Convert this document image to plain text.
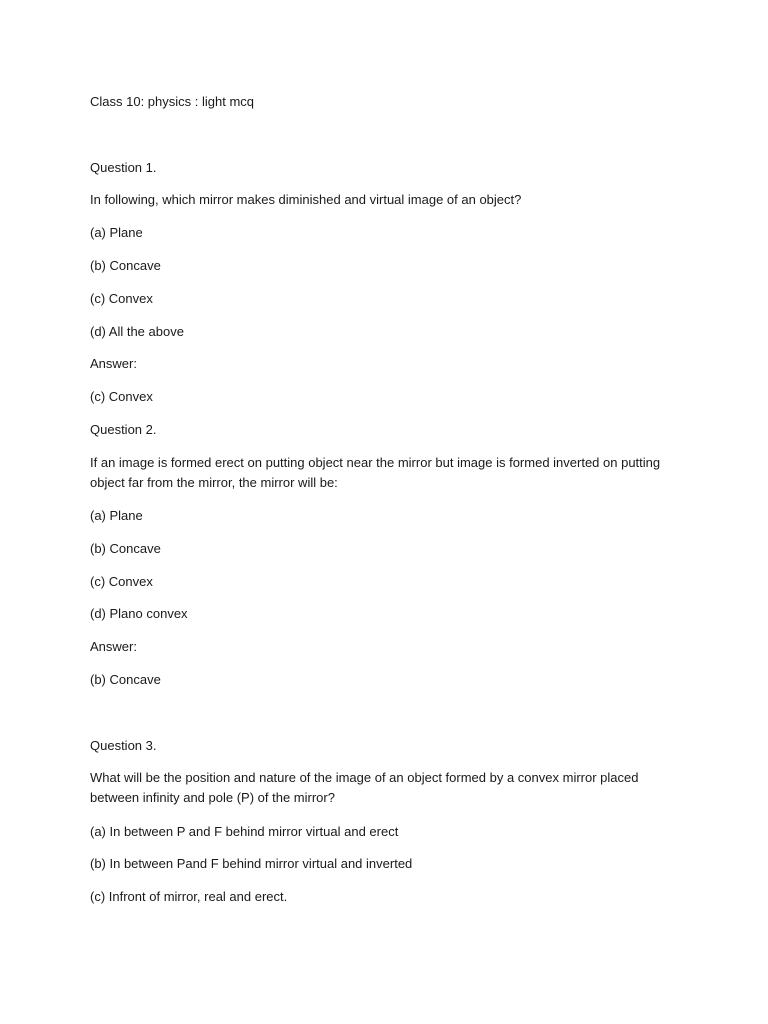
Class 10: physics : light mcq
Question 1.
In following, which mirror makes diminished and virtual image of an object?
(a) Plane
(b) Concave
(c) Convex
(d) All the above
Answer:
(c) Convex
Question 2.
If an image is formed erect on putting object near the mirror but image is formed inverted on putting object far from the mirror, the mirror will be:
(a) Plane
(b) Concave
(c) Convex
(d) Plano convex
Answer:
(b) Concave
Question 3.
What will be the position and nature of the image of an object formed by a convex mirror placed between infinity and pole (P) of the mirror?
(a) In between P and F behind mirror virtual and erect
(b) In between Pand F behind mirror virtual and inverted
(c) Infront of mirror, real and erect.
